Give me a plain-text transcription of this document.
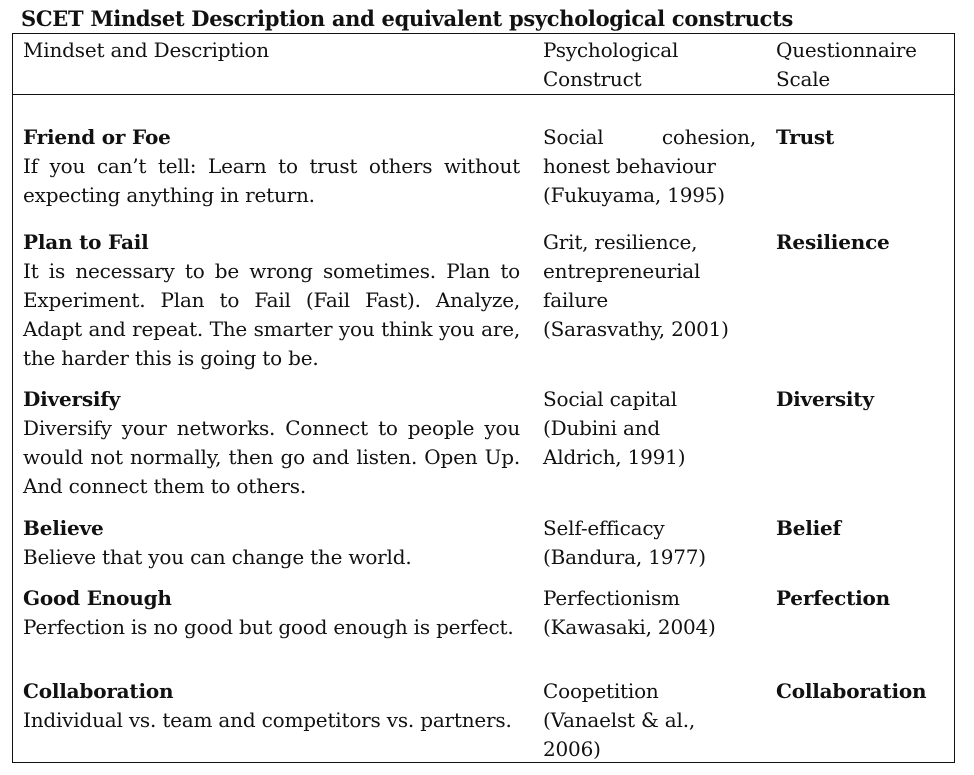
SCET Mindset Description and equivalent psychological constructs
Mindset and Description	Psychological
Construct
Questionnaire
Scale
Friend or Foe
If you can’t tell: Learn to trust others without expecting anything in return.
Social cohesion,
honest behaviour
(Fukuyama, 1995)
Trust
Plan to Fail
It is necessary to be wrong sometimes. Plan to Experiment. Plan to Fail (Fail Fast). Analyze, Adapt and repeat. The smarter you think you are, the harder this is going to be.
Grit, resilience,
entrepreneurial
failure
(Sarasvathy, 2001)
Resilience
Diversify
Diversify your networks. Connect to people you would not normally, then go and listen. Open Up. And connect them to others.
Social capital
(Dubini and
Aldrich, 1991)
Diversity
Believe
Believe that you can change the world.
Self-efficacy
(Bandura, 1977)
Belief
Good Enough
Perfection is no good but good enough is perfect.
Perfectionism
(Kawasaki, 2004)
Perfection
Collaboration
Individual vs. team and competitors vs. partners.
Coopetition
(Vanaelst & al.,
2006)
Collaboration
